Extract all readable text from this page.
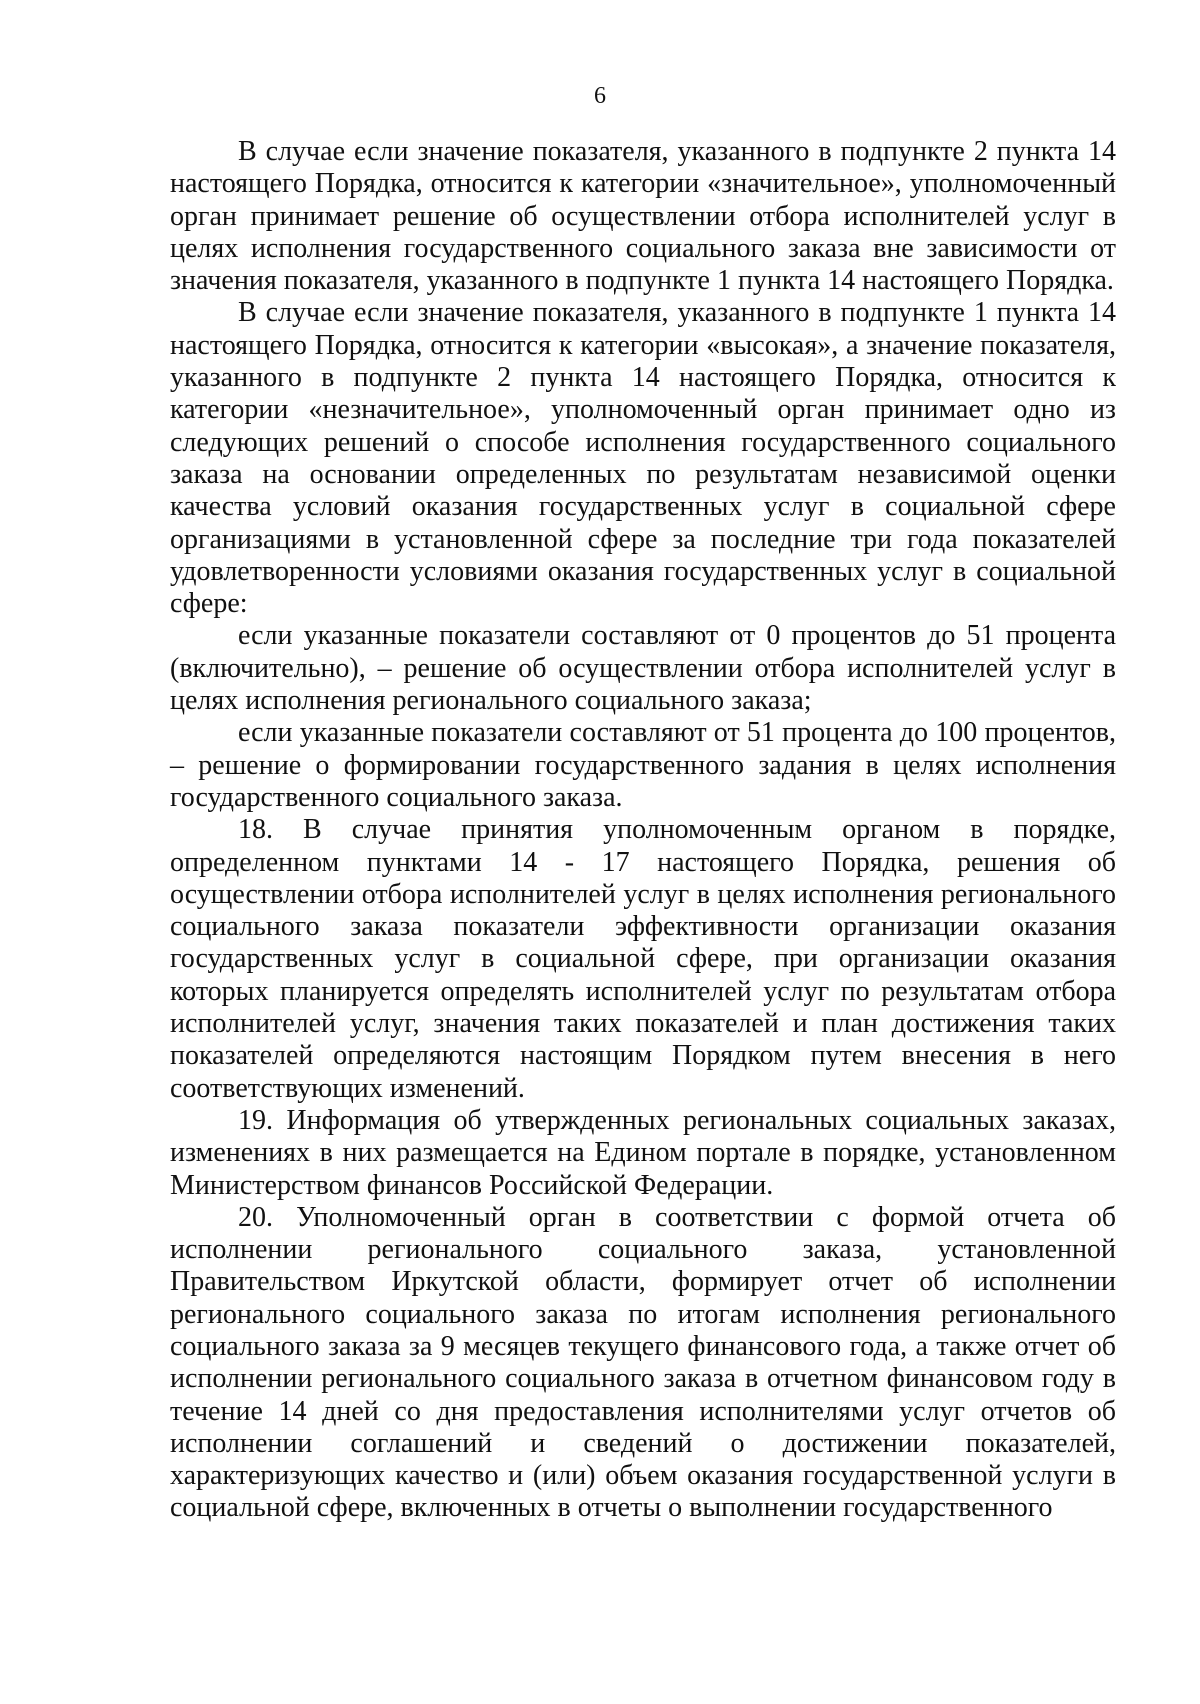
6

В случае если значение показателя, указанного в подпункте 2 пункта 14 настоящего Порядка, относится к категории «значительное», уполномоченный орган принимает решение об осуществлении отбора исполнителей услуг в целях исполнения государственного социального заказа вне зависимости от значения показателя, указанного в подпункте 1 пункта 14 настоящего Порядка.

В случае если значение показателя, указанного в подпункте 1 пункта 14 настоящего Порядка, относится к категории «высокая», а значение показателя, указанного в подпункте 2 пункта 14 настоящего Порядка, относится к категории «незначительное», уполномоченный орган принимает одно из следующих решений о способе исполнения государственного социального заказа на основании определенных по результатам независимой оценки качества условий оказания государственных услуг в социальной сфере организациями в установленной сфере за последние три года показателей удовлетворенности условиями оказания государственных услуг в социальной сфере:

если указанные показатели составляют от 0 процентов до 51 процента (включительно), – решение об осуществлении отбора исполнителей услуг в целях исполнения регионального социального заказа;

если указанные показатели составляют от 51 процента до 100 процентов, – решение о формировании государственного задания в целях исполнения государственного социального заказа.

18. В случае принятия уполномоченным органом в порядке, определенном пунктами 14 - 17 настоящего Порядка, решения об осуществлении отбора исполнителей услуг в целях исполнения регионального социального заказа показатели эффективности организации оказания государственных услуг в социальной сфере, при организации оказания которых планируется определять исполнителей услуг по результатам отбора исполнителей услуг, значения таких показателей и план достижения таких показателей определяются настоящим Порядком путем внесения в него соответствующих изменений.

19. Информация об утвержденных региональных социальных заказах, изменениях в них размещается на Едином портале в порядке, установленном Министерством финансов Российской Федерации.

20. Уполномоченный орган в соответствии с формой отчета об исполнении регионального социального заказа, установленной Правительством Иркутской области, формирует отчет об исполнении регионального социального заказа по итогам исполнения регионального социального заказа за 9 месяцев текущего финансового года, а также отчет об исполнении регионального социального заказа в отчетном финансовом году в течение 14 дней со дня предоставления исполнителями услуг отчетов об исполнении соглашений и сведений о достижении показателей, характеризующих качество и (или) объем оказания государственной услуги в социальной сфере, включенных в отчеты о выполнении государственного
